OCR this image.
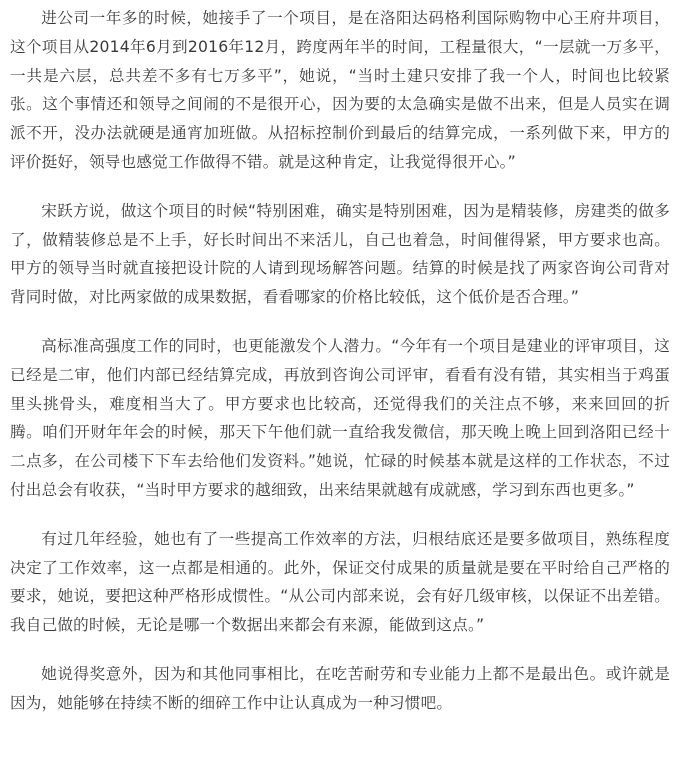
进公司一年多的时候，她接手了一个项目，是在洛阳达码格利国际购物中心王府井项目，这个项目从2014年6月到2016年12月，跨度两年半的时间，工程量很大，“一层就一万多平，一共是六层，总共差不多有七万多平”，她说，“当时土建只安排了我一个人，时间也比较紧张。这个事情还和领导之间闹的不是很开心，因为要的太急确实是做不出来，但是人员实在调派不开，没办法就硬是通宵加班做。从招标控制价到最后的结算完成，一系列做下来，甲方的评价挺好，领导也感觉工作做得不错。就是这种肯定，让我觉得很开心。”

宋跃方说，做这个项目的时候“特别困难，确实是特别困难，因为是精装修，房建类的做多了，做精装修总是不上手，好长时间出不来活儿，自己也着急，时间催得紧，甲方要求也高。甲方的领导当时就直接把设计院的人请到现场解答问题。结算的时候是找了两家咨询公司背对背同时做，对比两家做的成果数据，看看哪家的价格比较低，这个低价是否合理。”

高标准高强度工作的同时，也更能激发个人潜力。“今年有一个项目是建业的评审项目，这已经是二审，他们内部已经结算完成，再放到咨询公司评审，看看有没有错，其实相当于鸡蛋里头挑骨头，难度相当大了。甲方要求也比较高，还觉得我们的关注点不够，来来回回的折腾。咱们开财年年会的时候，那天下午他们就一直给我发微信，那天晚上晚上回到洛阳已经十二点多，在公司楼下下车去给他们发资料。”她说，忙碌的时候基本就是这样的工作状态，不过付出总会有收获，“当时甲方要求的越细致，出来结果就越有成就感，学习到东西也更多。”

有过几年经验，她也有了一些提高工作效率的方法，归根结底还是要多做项目，熟练程度决定了工作效率，这一点都是相通的。此外，保证交付成果的质量就是要在平时给自己严格的要求，她说，要把这种严格形成惯性。“从公司内部来说，会有好几级审核，以保证不出差错。我自己做的时候，无论是哪一个数据出来都会有来源，能做到这点。”

她说得奖意外，因为和其他同事相比，在吃苦耐劳和专业能力上都不是最出色。或许就是因为，她能够在持续不断的细碎工作中让认真成为一种习惯吧。
